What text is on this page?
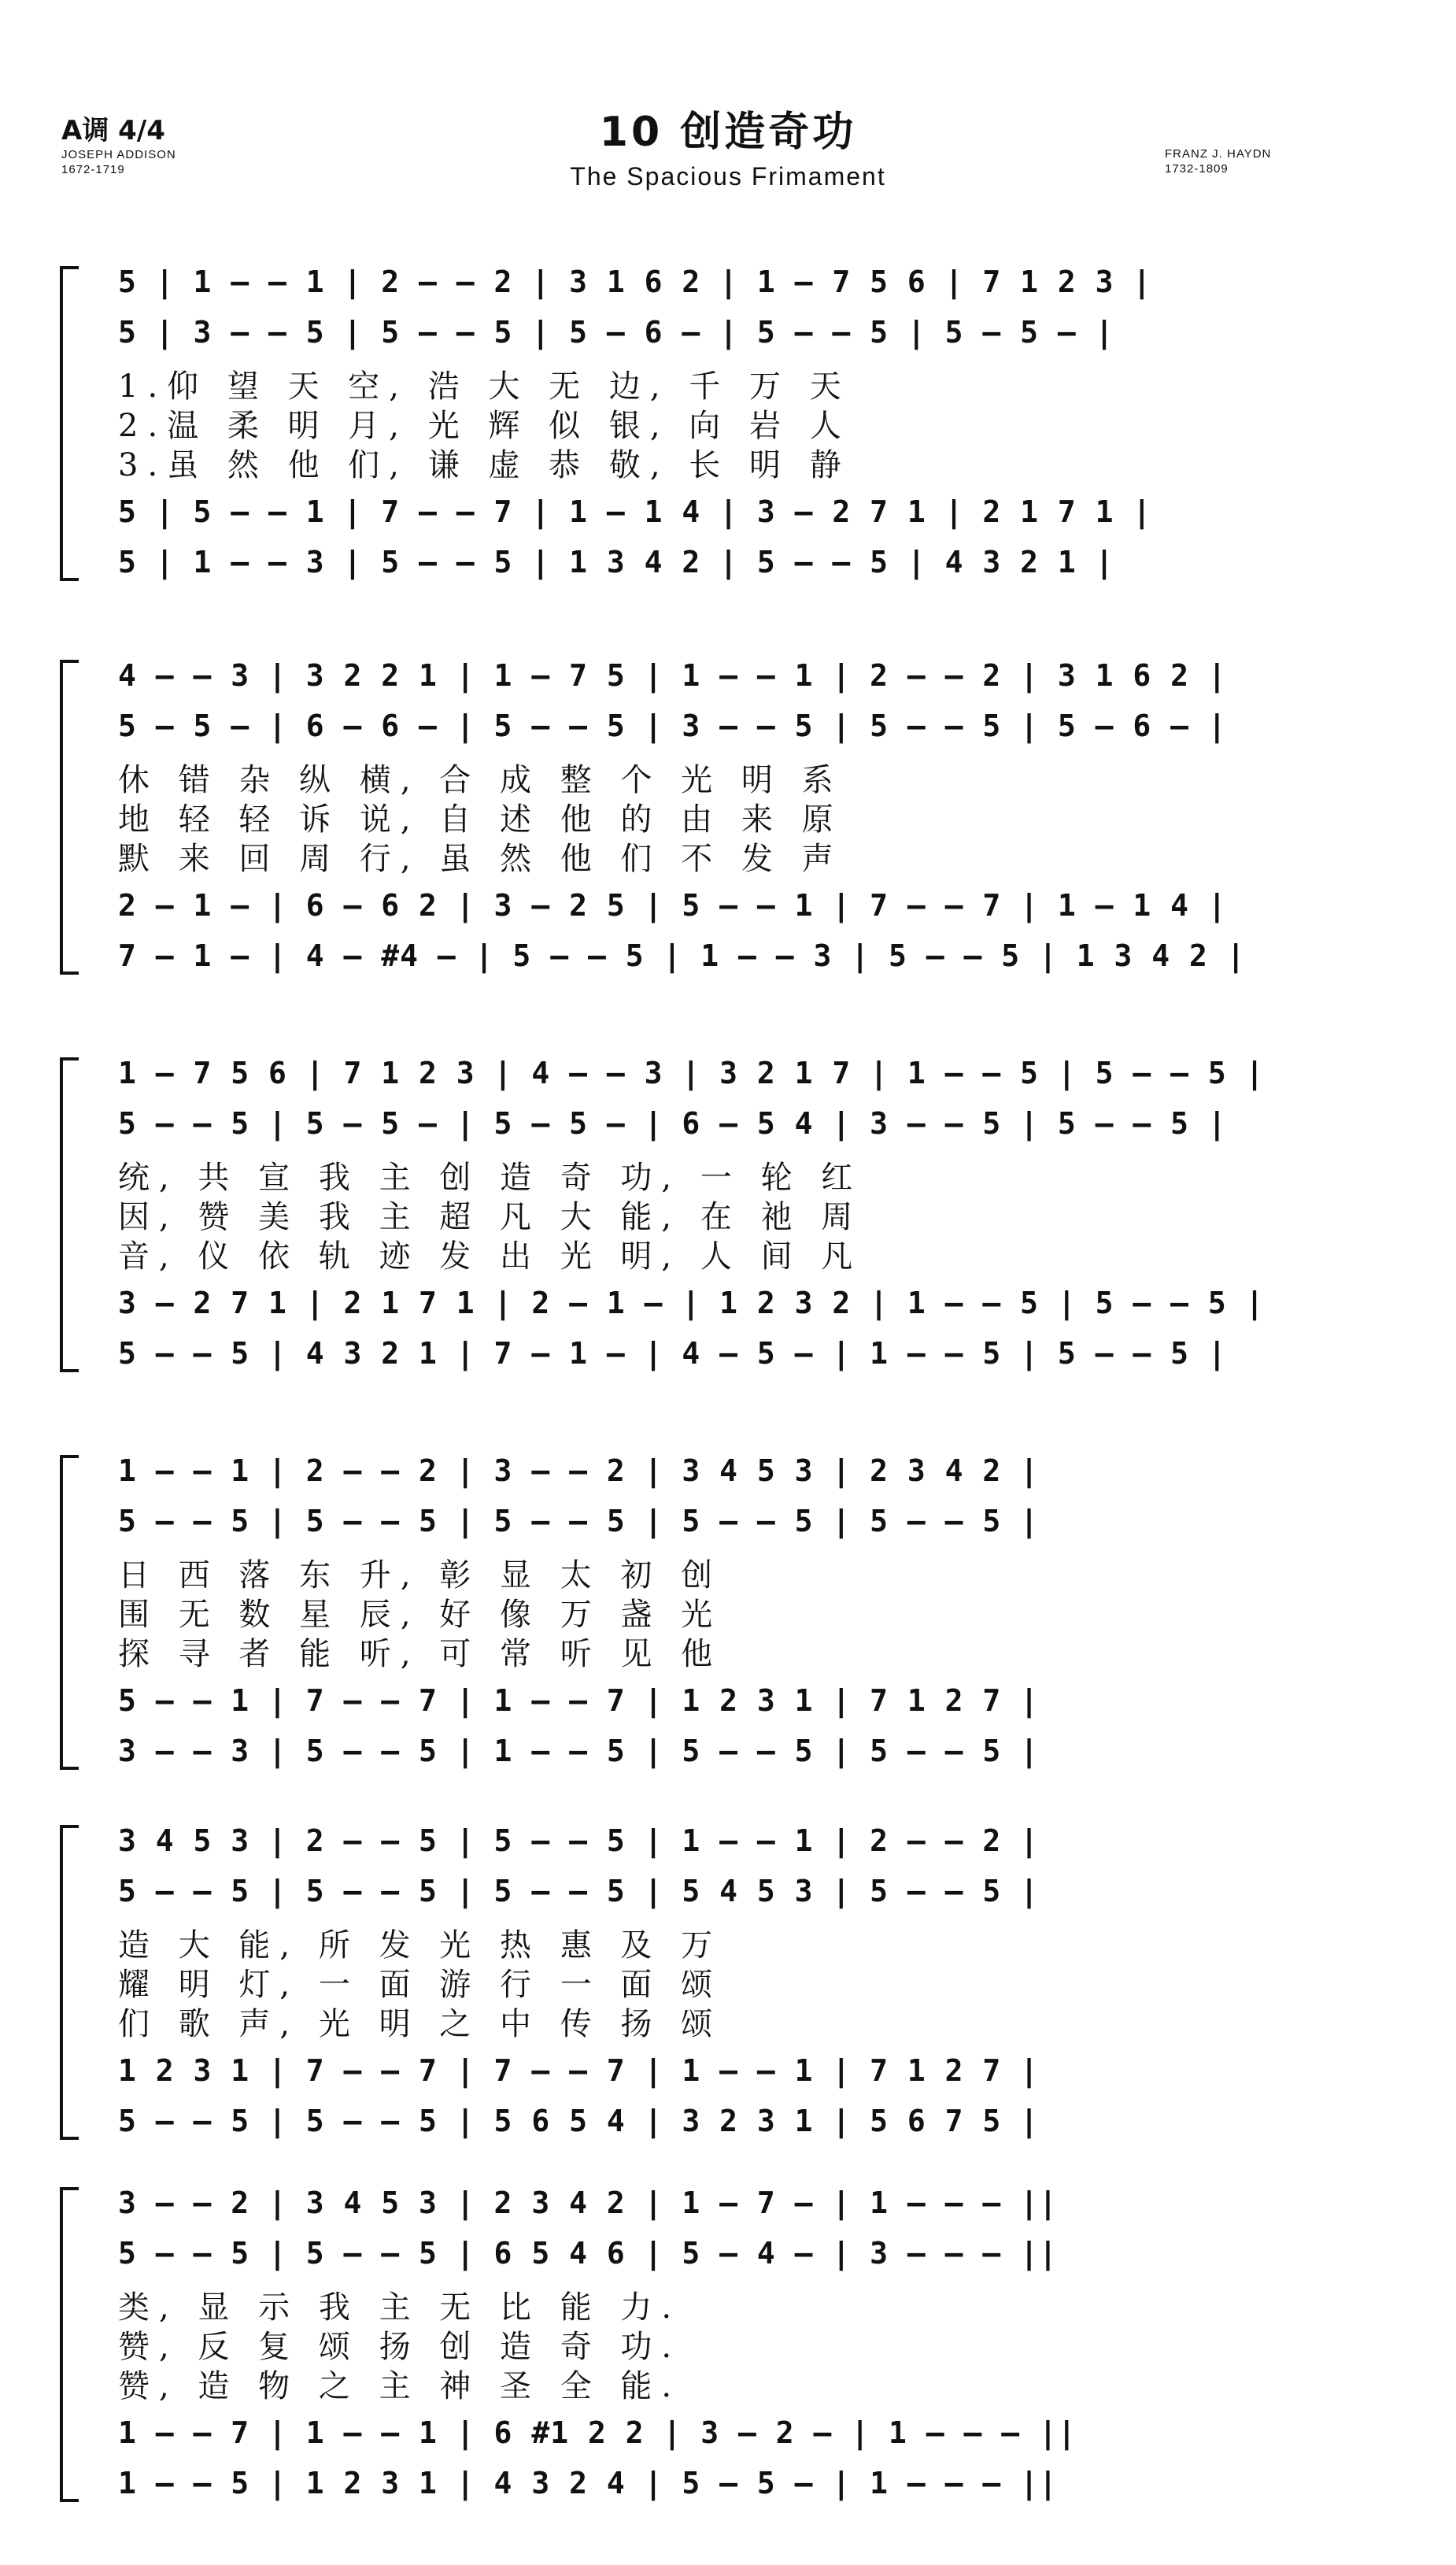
A调 4/4
JOSEPH ADDISON
1672-1719
10 创造奇功
The Spacious Frimament
FRANZ J. HAYDN
1732-1809
5 | 1 — — 1 | 2 — — 2 | 3 1 6 2 | 1 — 7 5 6 | 7 1 2 3 |
5 | 3 — — 5 | 5 — — 5 | 5 — 6 — | 5 — — 5 | 5 — 5 — |
1.仰 望 天 空, 浩 大 无 边, 千 万 天
2.温 柔 明 月, 光 辉 似 银, 向 岩 人
3.虽 然 他 们, 谦 虚 恭 敬, 长 明 静
5 | 5 — — 1 | 7 — — 7 | 1 — 1 4 | 3 — 2 7 1 | 2 1 7 1 |
5 | 1 — — 3 | 5 — — 5 | 1 3 4 2 | 5 — — 5 | 4 3 2 1 |
4 — — 3 | 3 2 2 1 | 1 — 7 5 | 1 — — 1 | 2 — — 2 | 3 1 6 2 |
5 — 5 — | 6 — 6 — | 5 — — 5 | 3 — — 5 | 5 — — 5 | 5 — 6 — |
休 错 杂 纵 横, 合 成 整 个 光 明 系
地 轻 轻 诉 说, 自 述 他 的 由 来 原
默 来 回 周 行, 虽 然 他 们 不 发 声
2 — 1 — | 6 — 6 2 | 3 — 2 5 | 5 — — 1 | 7 — — 7 | 1 — 1 4 |
7 — 1 — | 4 — #4 — | 5 — — 5 | 1 — — 3 | 5 — — 5 | 1 3 4 2 |
1 — 7 5 6 | 7 1 2 3 | 4 — — 3 | 3 2 1 7 | 1 — — 5 | 5 — — 5 |
5 — — 5 | 5 — 5 — | 5 — 5 — | 6 — 5 4 | 3 — — 5 | 5 — — 5 |
统, 共 宣 我 主 创 造 奇 功, 一 轮 红
因, 赞 美 我 主 超 凡 大 能, 在 祂 周
音, 仪 依 轨 迹 发 出 光 明, 人 间 凡
3 — 2 7 1 | 2 1 7 1 | 2 — 1 — | 1 2 3 2 | 1 — — 5 | 5 — — 5 |
5 — — 5 | 4 3 2 1 | 7 — 1 — | 4 — 5 — | 1 — — 5 | 5 — — 5 |
1 — — 1 | 2 — — 2 | 3 — — 2 | 3 4 5 3 | 2 3 4 2 |
5 — — 5 | 5 — — 5 | 5 — — 5 | 5 — — 5 | 5 — — 5 |
日 西 落 东 升, 彰 显 太 初 创
围 无 数 星 辰, 好 像 万 盏 光
探 寻 者 能 听, 可 常 听 见 他
5 — — 1 | 7 — — 7 | 1 — — 7 | 1 2 3 1 | 7 1 2 7 |
3 — — 3 | 5 — — 5 | 1 — — 5 | 5 — — 5 | 5 — — 5 |
3 4 5 3 | 2 — — 5 | 5 — — 5 | 1 — — 1 | 2 — — 2 |
5 — — 5 | 5 — — 5 | 5 — — 5 | 5 4 5 3 | 5 — — 5 |
造 大 能, 所 发 光 热 惠 及 万
耀 明 灯, 一 面 游 行 一 面 颂
们 歌 声, 光 明 之 中 传 扬 颂
1 2 3 1 | 7 — — 7 | 7 — — 7 | 1 — — 1 | 7 1 2 7 |
5 — — 5 | 5 — — 5 | 5 6 5 4 | 3 2 3 1 | 5 6 7 5 |
3 — — 2 | 3 4 5 3 | 2 3 4 2 | 1 — 7 — | 1 — — — ||
5 — — 5 | 5 — — 5 | 6 5 4 6 | 5 — 4 — | 3 — — — ||
类, 显 示 我 主 无 比 能 力.
赞, 反 复 颂 扬 创 造 奇 功.
赞, 造 物 之 主 神 圣 全 能.
1 — — 7 | 1 — — 1 | 6 #1 2 2 | 3 — 2 — | 1 — — — ||
1 — — 5 | 1 2 3 1 | 4 3 2 4 | 5 — 5 — | 1 — — — ||
